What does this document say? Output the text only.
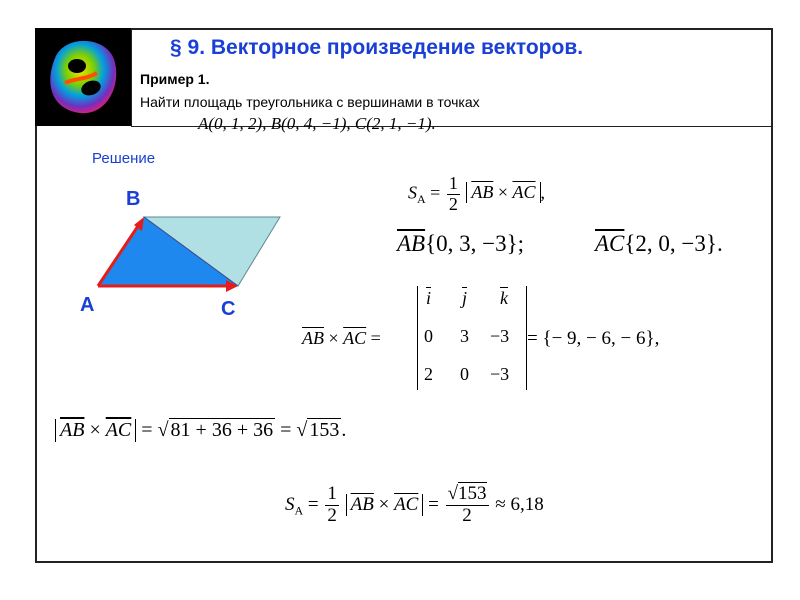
§ 9. Векторное произведение векторов.
Пример 1.
Найти площадь треугольника с вершинами в точках
A(0, 1, 2), B(0, 4, −1), C(2, 1, −1).
Решение
B
A	C
$S_A = \frac{1}{2} \overline{AB} \times \overline{AC}$ ,
$\overline{AB}\{0$, 3, −3};	$\overline{AC}\{2$, 0, −3}.
$\overline{AB} \times \overline{AC}$ =
$\overline{i}$ $\overline{j}$ $\overline{k}$
0 3 −3
2 0 −3
= {− 9, − 6, − 6},
$\overline{AB} \times \overline{AC}$ = √ 81 + 36 + 36 = √ 153 .
$S_A = \frac{1}{2} \overline{AB} \times \overline{AC} = \frac{√153}{2} \approx 6,18$
